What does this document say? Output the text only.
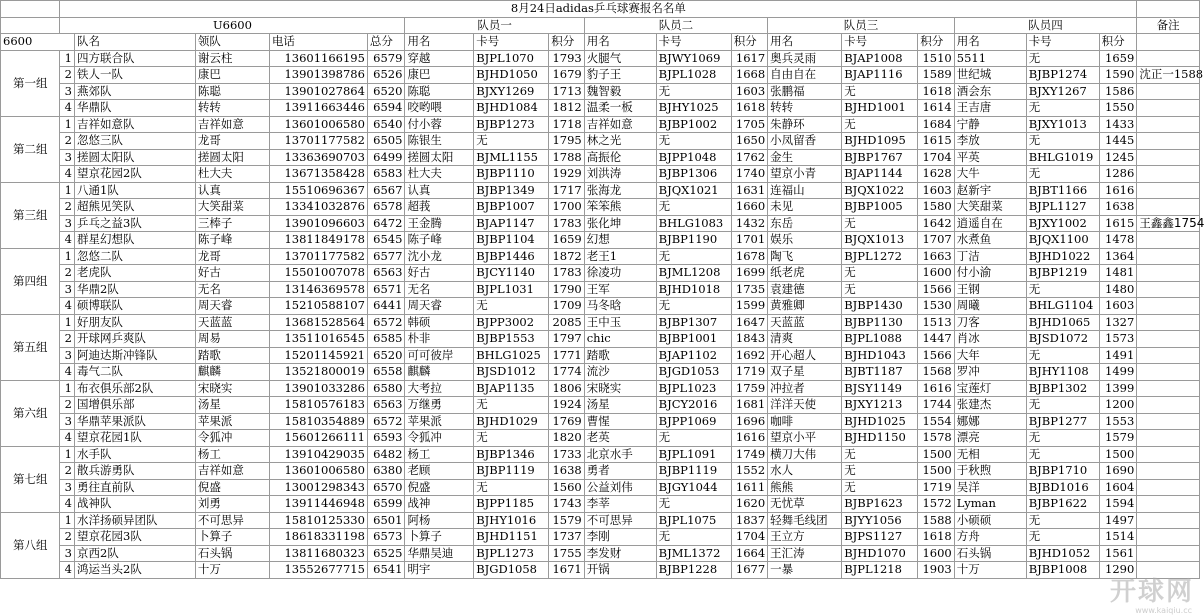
	8月24日adidas乒乓球赛报名名单																	
	U6600					队员一			队员二			队员三			队员四			备注
6600		队名	领队	电话	总分	用名	卡号	积分	用名	卡号	积分	用名	卡号	积分	用名	卡号	积分	
第一组	1	四方联合队	谢云柱	13601166195	6579	穿越	BJPL1070	1793	火腿气	BJWY1069	1617	奥兵灵雨	BJAP1008	1510	5511	无	1659	
	2	铁人一队	康巴	13901398786	6526	康巴	BJHD1050	1679	豹子王	BJPL1028	1668	自由自在	BJAP1116	1589	世纪城	BJBP1274	1590	沈正一1588
	3	燕郊队	陈聪	13901027864	6520	陈聪	BJXY1269	1713	魏智毅	无	1603	张鹏福	无	1618	酒会东	BJXY1267	1586	
	4	华鼎队	转转	13911663446	6594	咬哟喂	BJHD1084	1812	温柔一板	BJHY1025	1618	转转	BJHD1001	1614	王吉唐	无	1550	
第二组	1	吉祥如意队	吉祥如意	13601006580	6540	付小蓉	BJBP1273	1718	吉祥如意	BJBP1002	1705	朱静环	无	1684	宁静	BJXY1013	1433	
	2	忽悠三队	龙哥	13701177582	6505	陈银生	无	1795	林之光	无	1650	小凤留香	BJHD1095	1615	李放	无	1445	
	3	搓圆太阳队	搓圆太阳	13363690703	6499	搓圆太阳	BJML1155	1788	高振伦	BJPP1048	1762	金生	BJBP1767	1704	平英	BHLG1019	1245	
	4	望京花园2队	杜大夫	13671358428	6583	杜大夫	BJBP1110	1929	刘洪涛	BJBP1306	1740	望京小青	BJAP1144	1628	大牛	无	1286	
第三组	1	八通1队	认真	15510696367	6567	认真	BJBP1349	1717	张海龙	BJQX1021	1631	连福山	BJQX1022	1603	赵新宇	BJBT1166	1616	
	2	超熊见笑队	大笑甜菜	13341032876	6578	超莪	BJBP1007	1700	笨笨熊	无	1660	未见	BJBP1005	1580	大笑甜菜	BJPL1127	1638	
	3	乒乓之益3队	三棒子	13901096603	6472	王金腾	BJAP1147	1783	张化坤	BHLG1083	1432	东岳	无	1642	逍遥自在	BJXY1002	1615	王鑫鑫1754
	4	群星幻想队	陈子峰	13811849178	6545	陈子峰	BJBP1104	1659	幻想	BJBP1190	1701	娱乐	BJQX1013	1707	水煮鱼	BJQX1100	1478	
第四组	1	忽悠二队	龙哥	13701177582	6577	沈小龙	BJBP1446	1872	老王1	无	1678	陶飞	BJPL1272	1663	丁洁	BJHD1022	1364	
	2	老虎队	好古	15501007078	6563	好古	BJCY1140	1783	徐凌功	BJML1208	1699	纸老虎	无	1600	付小渝	BJBP1219	1481	
	3	华鼎2队	无名	13146369578	6571	无名	BJPL1031	1790	王军	BJHD1018	1735	袁建德	无	1566	王钢	无	1480	
	4	硕博联队	周天睿	15210588107	6441	周天睿	无	1709	马冬晗	无	1599	黄雅卿	BJBP1430	1530	周曦	BHLG1104	1603	
第五组	1	好朋友队	天蓝蓝	13681528564	6572	韩硕	BJPP3002	2085	王中玉	BJBP1307	1647	天蓝蓝	BJBP1130	1513	刀客	BJHD1065	1327	
	2	开球网乒爽队	周易	13511016545	6585	朴非	BJBP1553	1797	chic	BJBP1001	1843	清爽	BJPL1088	1447	肖冰	BJSD1072	1573	
	3	阿迪达斯冲锋队	踏歌	15201145921	6520	可可彼岸	BHLG1025	1771	踏歌	BJAP1102	1692	开心超人	BJHD1043	1566	大年	无	1491	
	4	毒气二队	麒麟	13521800019	6558	麒麟	BJSD1012	1774	流沙	BJGD1053	1719	双子星	BJBT1187	1568	罗冲	BJHY1108	1499	
第六组	1	布衣俱乐部2队	宋晓实	13901033286	6580	大考拉	BJAP1135	1806	宋晓实	BJPL1023	1759	冲拉者	BJSY1149	1616	宝莲灯	BJBP1302	1399	
	2	国增俱乐部	汤星	15810576183	6563	万继勇	无	1924	汤星	BJCY2016	1681	洋洋天使	BJXY1213	1744	张建杰	无	1200	
	3	华鼎苹果派队	苹果派	15810354889	6572	苹果派	BJHD1029	1769	曹惺	BJPP1069	1696	咖啡	BJHD1025	1554	娜娜	BJBP1277	1553	
	4	望京花园1队	令狐冲	15601266111	6593	令狐冲	无	1820	老英	无	1616	望京小平	BJHD1150	1578	漂亮	无	1579	
第七组	1	水手队	杨工	13910429035	6482	杨工	BJBP1346	1733	北京水手	BJPL1091	1749	横刀大伟	无	1500	无相	无	1500	
	2	散兵游勇队	吉祥如意	13601006580	6380	老顾	BJBP1119	1638	勇者	BJBP1119	1552	水人	无	1500	于秋煦	BJBP1710	1690	
	3	勇往直前队	倪盛	13001298343	6570	倪盛	无	1560	公益刘伟	BJGY1044	1611	熊熊	无	1719	吴洋	BJBD1016	1604	
	4	战神队	刘勇	13911446948	6599	战神	BJPP1185	1743	李莘	无	1620	无忧草	BJBP1623	1572	Lyman	BJBP1622	1594	
第八组	1	水洋扬硕异团队	不可思异	15810125330	6501	阿杨	BJHY1016	1579	不可思异	BJPL1075	1837	轻舞毛线团	BJYY1056	1588	小硕硕	无	1497	
	2	望京花园3队	卜算子	18618331198	6573	卜算子	BJHD1151	1737	李刚	无	1704	王立方	BJPS1127	1618	方舟	无	1514	
	3	京西2队	石头锅	13811680323	6525	华鼎吴迪	BJPL1273	1755	李发财	BJML1372	1664	王汇涛	BJHD1070	1600	石头锅	BJHD1052	1561	
	4	鸿运当头2队	十万	13552677715	6541	明宇	BJGD1058	1671	开锅	BJBP1228	1677	一暴	BJPL1218	1903	十万	BJBP1008	1290	
开球网
www.kaiqiu.cc
